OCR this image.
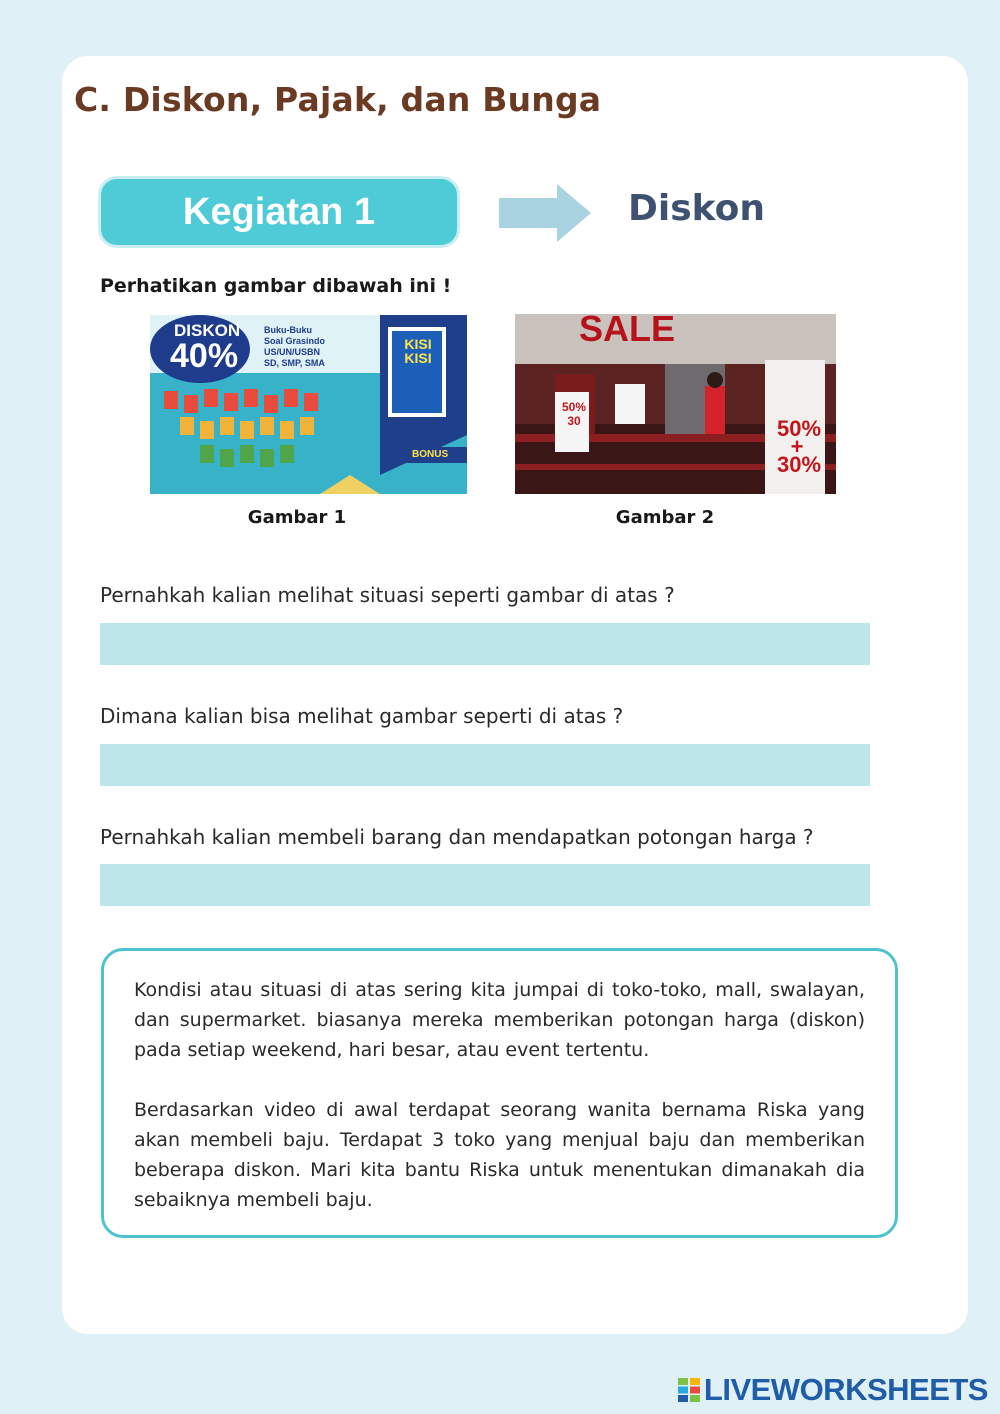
C. Diskon, Pajak, dan Bunga
Kegiatan 1	Diskon
Perhatikan gambar dibawah ini !
DISKON
40%
Buku-Buku
Soal Grasindo
US/UN/USBN
SD, SMP, SMA
KISI KISI
BONUS
SALE
50%
30	50%
+
30%
Gambar 1	Gambar 2
Pernahkah kalian melihat situasi seperti gambar di atas ?
Dimana kalian bisa melihat gambar seperti di atas ?
Pernahkah kalian membeli barang dan mendapatkan potongan harga ?

Kondisi atau situasi di atas sering kita jumpai di toko-toko, mall, swalayan, dan supermarket. biasanya mereka memberikan potongan harga (diskon) pada setiap weekend, hari besar, atau event tertentu.

Berdasarkan video di awal terdapat seorang wanita bernama Riska yang akan membeli baju. Terdapat 3 toko yang menjual baju dan memberikan beberapa diskon. Mari kita bantu Riska untuk menentukan dimanakah dia sebaiknya membeli baju.

LIVEWORKSHEETS
